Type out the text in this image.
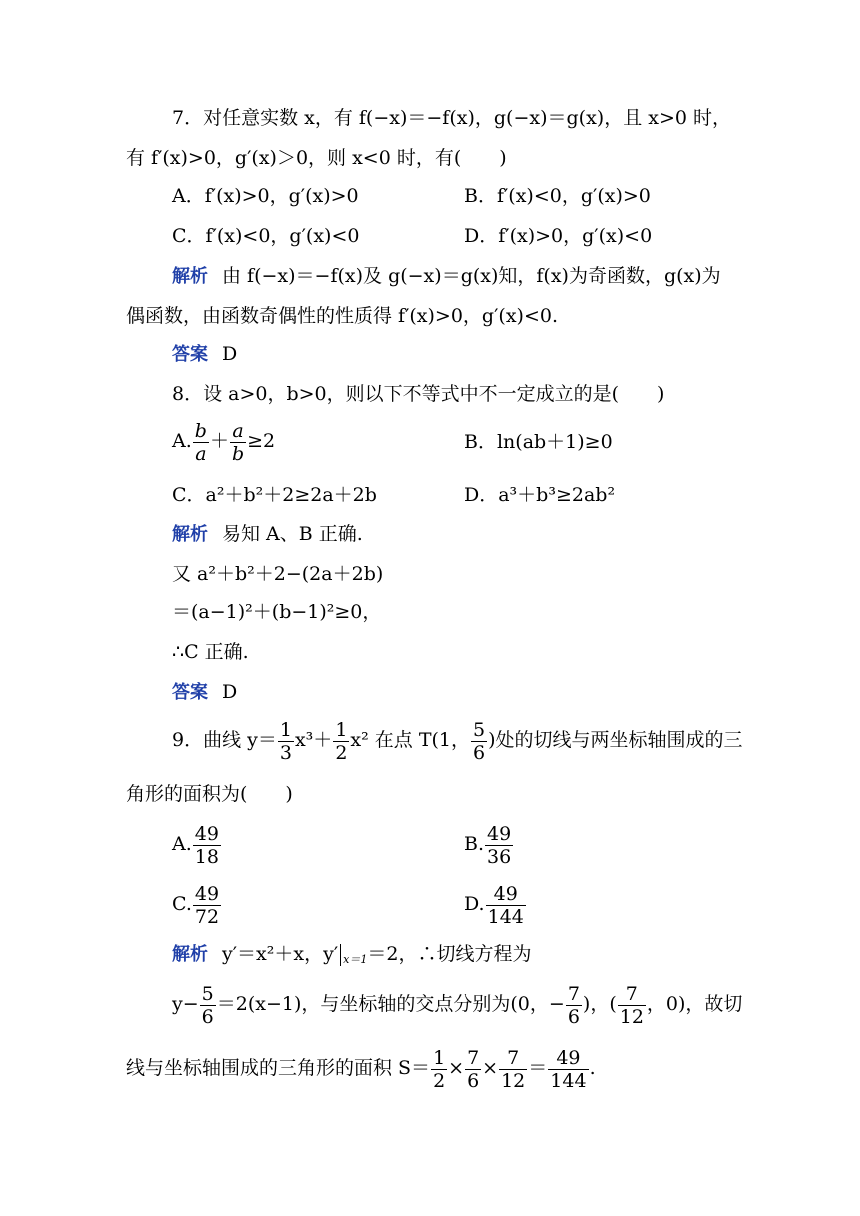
7．对任意实数 x，有 f(−x)＝−f(x)，g(−x)＝g(x)，且 x>0 时，
有 f′(x)>0，g′(x)＞0，则 x<0 时，有(　　)
A．f′(x)>0，g′(x)>0	B．f′(x)<0，g′(x)>0
C．f′(x)<0，g′(x)<0	D．f′(x)>0，g′(x)<0
解析 由 f(−x)＝−f(x)及 g(−x)＝g(x)知，f(x)为奇函数，g(x)为
偶函数，由函数奇偶性的性质得 f′(x)>0，g′(x)<0.
答案 D
8．设 a>0，b>0，则以下不等式中不一定成立的是(　　)
A. $\frac{b}{a} + \frac{a}{b} \ge 2$	B．ln(ab＋1)≥0
C．a²＋b²＋2≥2a＋2b	D．a³＋b³≥2ab²
解析 易知 A、B 正确.
又 a²＋b²＋2−(2a＋2b)
＝(a−1)²＋(b−1)²≥0，
∴C 正确.
答案 D
9．曲线 $y= \frac{1}{3} x^3+ \frac{1}{2} x^2$ 在点 T(1， $\frac{5}{6}$ )处的切线与两坐标轴围成的三
角形的面积为(　　)
A. $\frac{49}{18}$	B. $\frac{49}{36}$
C. $\frac{49}{72}$	D. $\frac{49}{144}$
解析 y′＝x²＋x，y′ $_{x=1}$＝2，∴切线方程为
$y- \frac{5}{6} =2(x-1)$，与坐标轴的交点分别为(0，− $\frac{7}{6}$ )，( $\frac{7}{12}$ ，0)，故切
线与坐标轴围成的三角形的面积 $S= \frac{1}{2} \times \frac{7}{6} \times \frac{7}{12} = \frac{49}{144}$ .
